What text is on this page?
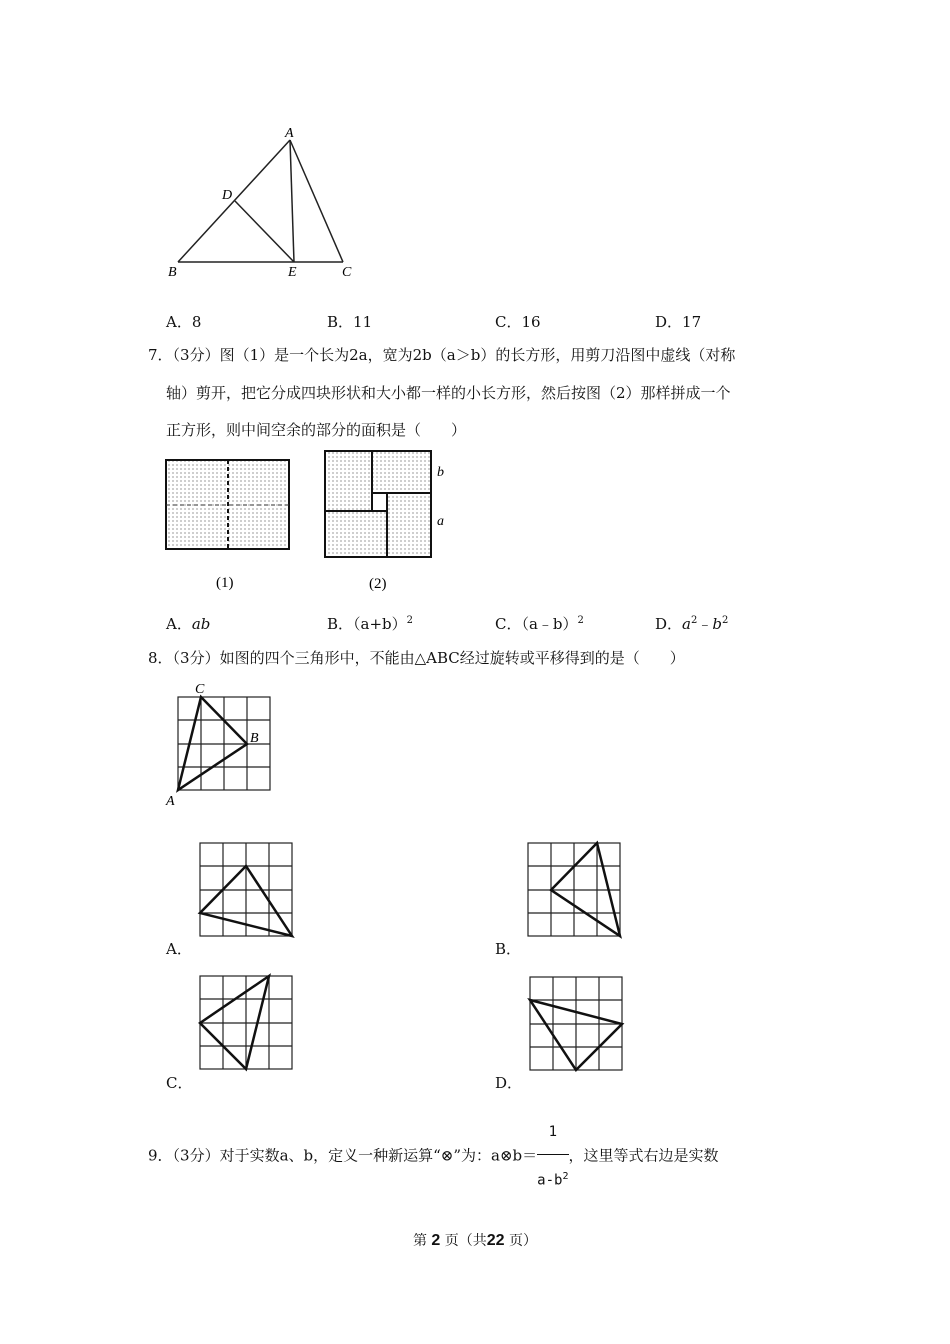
A
D
B	E	C
A．8	B．11	C．16	D．17
7．（3分）图（1）是一个长为2a，宽为2b（a＞b）的长方形，用剪刀沿图中虚线（对称
轴）剪开，把它分成四块形状和大小都一样的小长方形，然后按图（2）那样拼成一个
正方形，则中间空余的部分的面积是（　　）
(1)
b
a
(2)
A．ab	B．$(a+b)^2$	C．（a﹣b）$^2$	D．$a^2﹣b^2$
8．（3分）如图的四个三角形中，不能由△ABC经过旋转或平移得到的是（　　）
C
B
A
A．	B．
C．	D．
9．（3分）对于实数a、b，定义一种新运算“⊗”为：a⊗b＝ $\frac{1}{a-b^2}$ ，这里等式右边是实数
第 2 页（共22 页）
